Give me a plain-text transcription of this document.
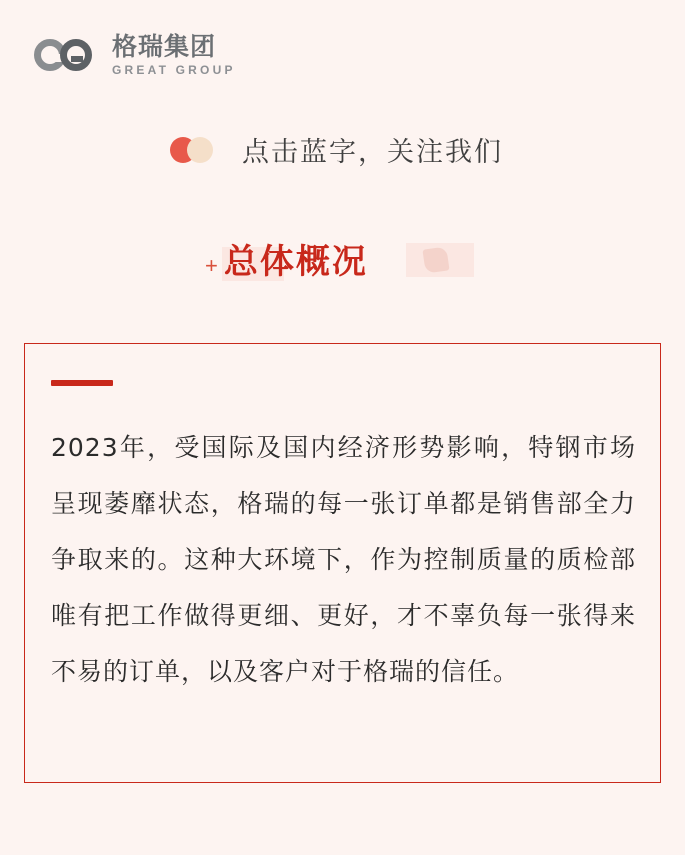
格瑞集团
GREAT GROUP
点击蓝字，关注我们
+ 总体概况
2023年，受国际及国内经济形势影响，特钢市场呈现萎靡状态，格瑞的每一张订单都是销售部全力争取来的。这种大环境下，作为控制质量的质检部唯有把工作做得更细、更好，才不辜负每一张得来不易的订单，以及客户对于格瑞的信任。
